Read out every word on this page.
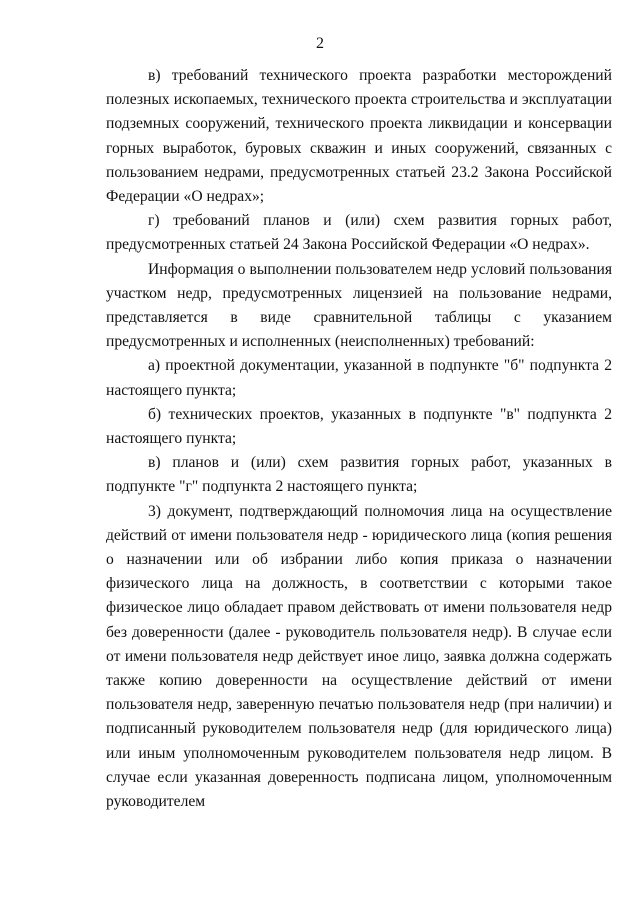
2

в) требований технического проекта разработки месторождений полезных ископаемых, технического проекта строительства и эксплуатации подземных сооружений, технического проекта ликвидации и консервации горных выработок, буровых скважин и иных сооружений, связанных с пользованием недрами, предусмотренных статьей 23.2 Закона Российской Федерации «О недрах»;

г) требований планов и (или) схем развития горных работ, предусмотренных статьей 24 Закона Российской Федерации «О недрах».

Информация о выполнении пользователем недр условий пользования участком недр, предусмотренных лицензией на пользование недрами, представляется в виде сравнительной таблицы с указанием предусмотренных и исполненных (неисполненных) требований:

а) проектной документации, указанной в подпункте "б" подпункта 2 настоящего пункта;

б) технических проектов, указанных в подпункте "в" подпункта 2 настоящего пункта;

в) планов и (или) схем развития горных работ, указанных в подпункте "г" подпункта 2 настоящего пункта;

3) документ, подтверждающий полномочия лица на осуществление действий от имени пользователя недр - юридического лица (копия решения о назначении или об избрании либо копия приказа о назначении физического лица на должность, в соответствии с которыми такое физическое лицо обладает правом действовать от имени пользователя недр без доверенности (далее - руководитель пользователя недр). В случае если от имени пользователя недр действует иное лицо, заявка должна содержать также копию доверенности на осуществление действий от имени пользователя недр, заверенную печатью пользователя недр (при наличии) и подписанный руководителем пользователя недр (для юридического лица) или иным уполномоченным руководителем пользователя недр лицом. В случае если указанная доверенность подписана лицом, уполномоченным руководителем
